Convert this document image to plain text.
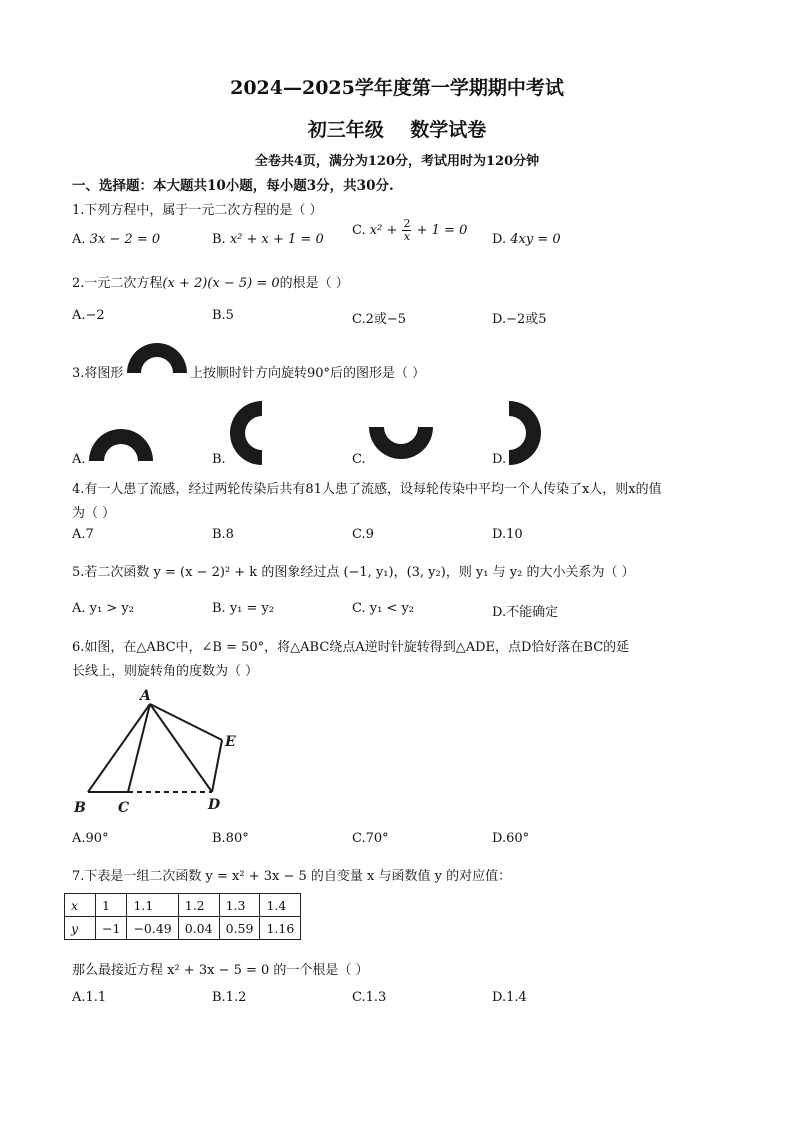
2024—2025学年度第一学期期中考试
初三年级    数学试卷
全卷共4页，满分为120分，考试用时为120分钟
一、选择题：本大题共10小题，每小题3分，共30分.
1.下列方程中，属于一元二次方程的是（ ）
A. 3x − 2 = 0	B. x² + x + 1 = 0
C. $x^2 + \frac{2}{x} + 1 = 0$
D. 4xy = 0
2.一元二次方程(x + 2)(x − 5) = 0的根是（ ）
A.−2	B.5	C.2或−5	D.−2或5
3.将图形	上按顺时针方向旋转90°后的图形是（ ）
A.	B.	C.	D.
4.有一人患了流感，经过两轮传染后共有81人患了流感，设每轮传染中平均一个人传染了x人，则x的值
为（ ）
A.7	B.8	C.9	D.10
5.若二次函数 y = (x − 2)² + k 的图象经过点 (−1, y₁)，(3, y₂)，则 y₁ 与 y₂ 的大小关系为（ ）
A. y₁ > y₂	B. y₁ = y₂	C. y₁ < y₂	D.不能确定
6.如图，在△ABC中，∠B = 50°，将△ABC绕点A逆时针旋转得到△ADE，点D恰好落在BC的延
长线上，则旋转角的度数为（ ）
A
B C	D
E
A.90°	B.80°	C.70°	D.60°
7.下表是一组二次函数 y = x² + 3x − 5 的自变量 x 与函数值 y 的对应值：
x	1	1.1	1.2	1.3	1.4
y	−1	−0.49	0.04	0.59	1.16
那么最接近方程 x² + 3x − 5 = 0 的一个根是（ ）
A.1.1	B.1.2	C.1.3	D.1.4
